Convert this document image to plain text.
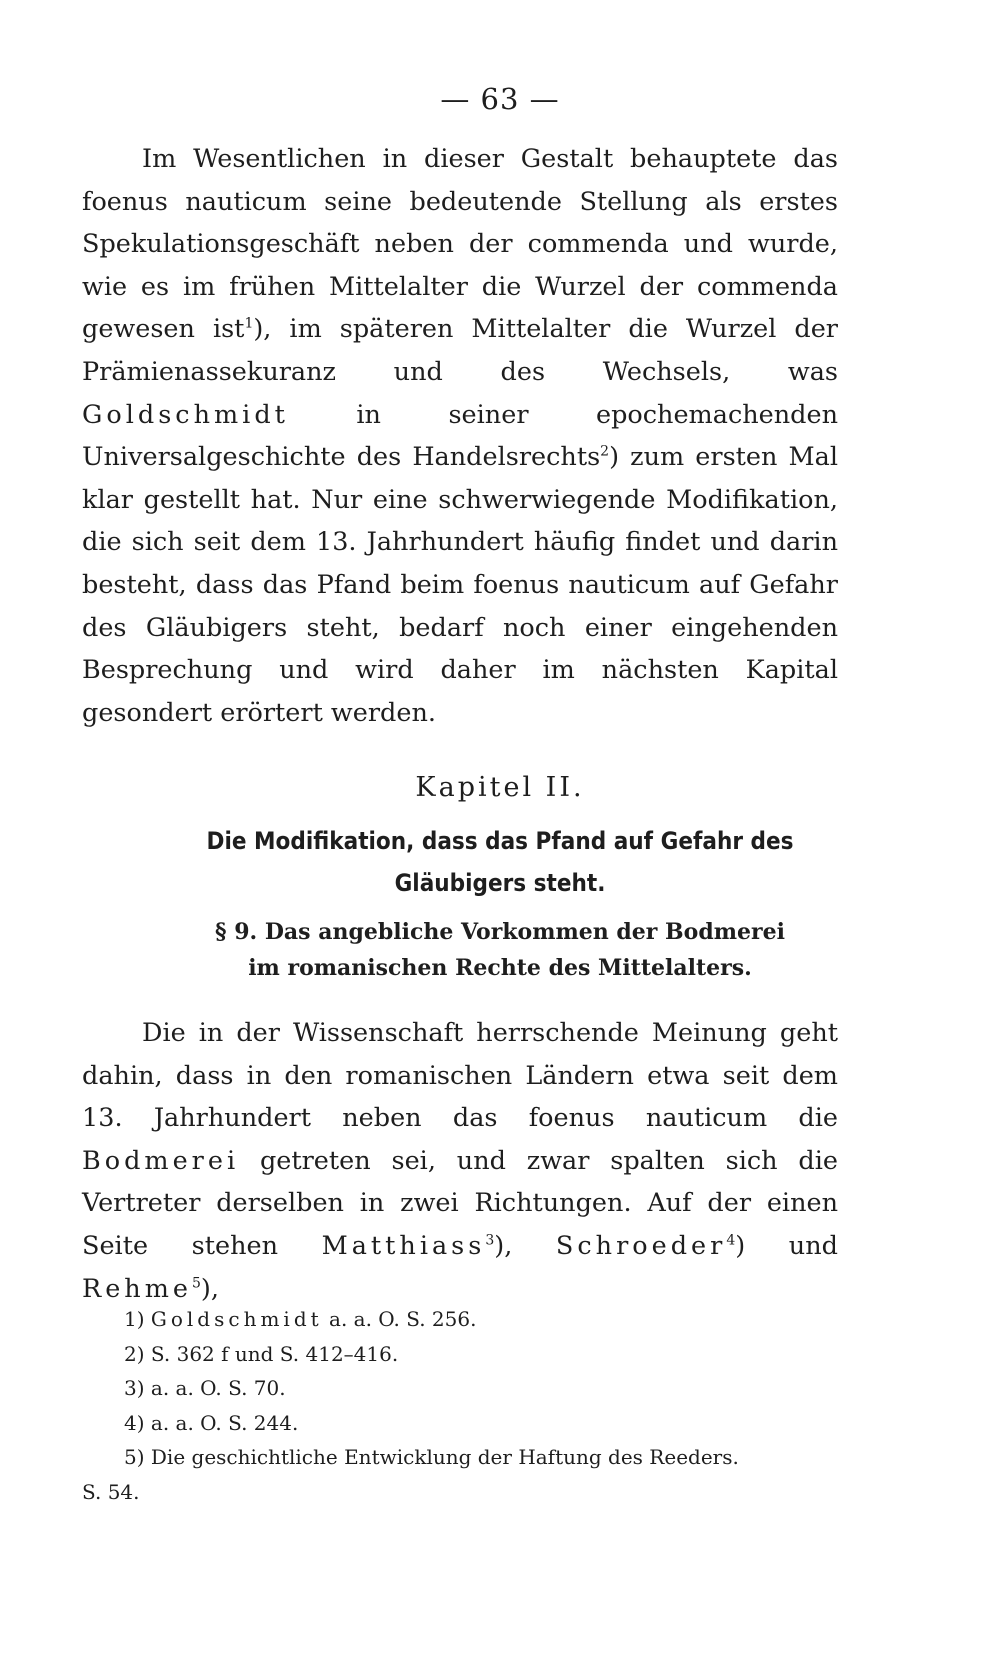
— 63 —

Im Wesentlichen in dieser Gestalt behauptete das foenus nauticum seine bedeutende Stellung als erstes Spekulationsgeschäft neben der commenda und wurde, wie es im frühen Mittelalter die Wurzel der commenda gewesen ist$^1$), im späteren Mittelalter die Wurzel der Prämienassekuranz und des Wechsels, was Goldschmidt in seiner epochemachenden Universalgeschichte des Handelsrechts$^2$) zum ersten Mal klar gestellt hat. Nur eine schwerwiegende Modifikation, die sich seit dem 13. Jahrhundert häufig findet und darin besteht, dass das Pfand beim foenus nauticum auf Gefahr des Gläubigers steht, bedarf noch einer eingehenden Besprechung und wird daher im nächsten Kapital gesondert erörtert werden.

Kapitel II.
Die Modifikation, dass das Pfand auf Gefahr des
Gläubigers steht.
§ 9. Das angebliche Vorkommen der Bodmerei
im romanischen Rechte des Mittelalters.

Die in der Wissenschaft herrschende Meinung geht dahin, dass in den romanischen Ländern etwa seit dem 13. Jahrhundert neben das foenus nauticum die Bodmerei getreten sei, und zwar spalten sich die Vertreter derselben in zwei Richtungen. Auf der einen Seite stehen Matthiass$^3$), Schroeder$^4$) und Rehme$^5$),

1) Goldschmidt a. a. O. S. 256.

2) S. 362 f und S. 412–416.

3) a. a. O. S. 70.

4) a. a. O. S. 244.

5) Die geschichtliche Entwicklung der Haftung des Reeders.

S. 54.
